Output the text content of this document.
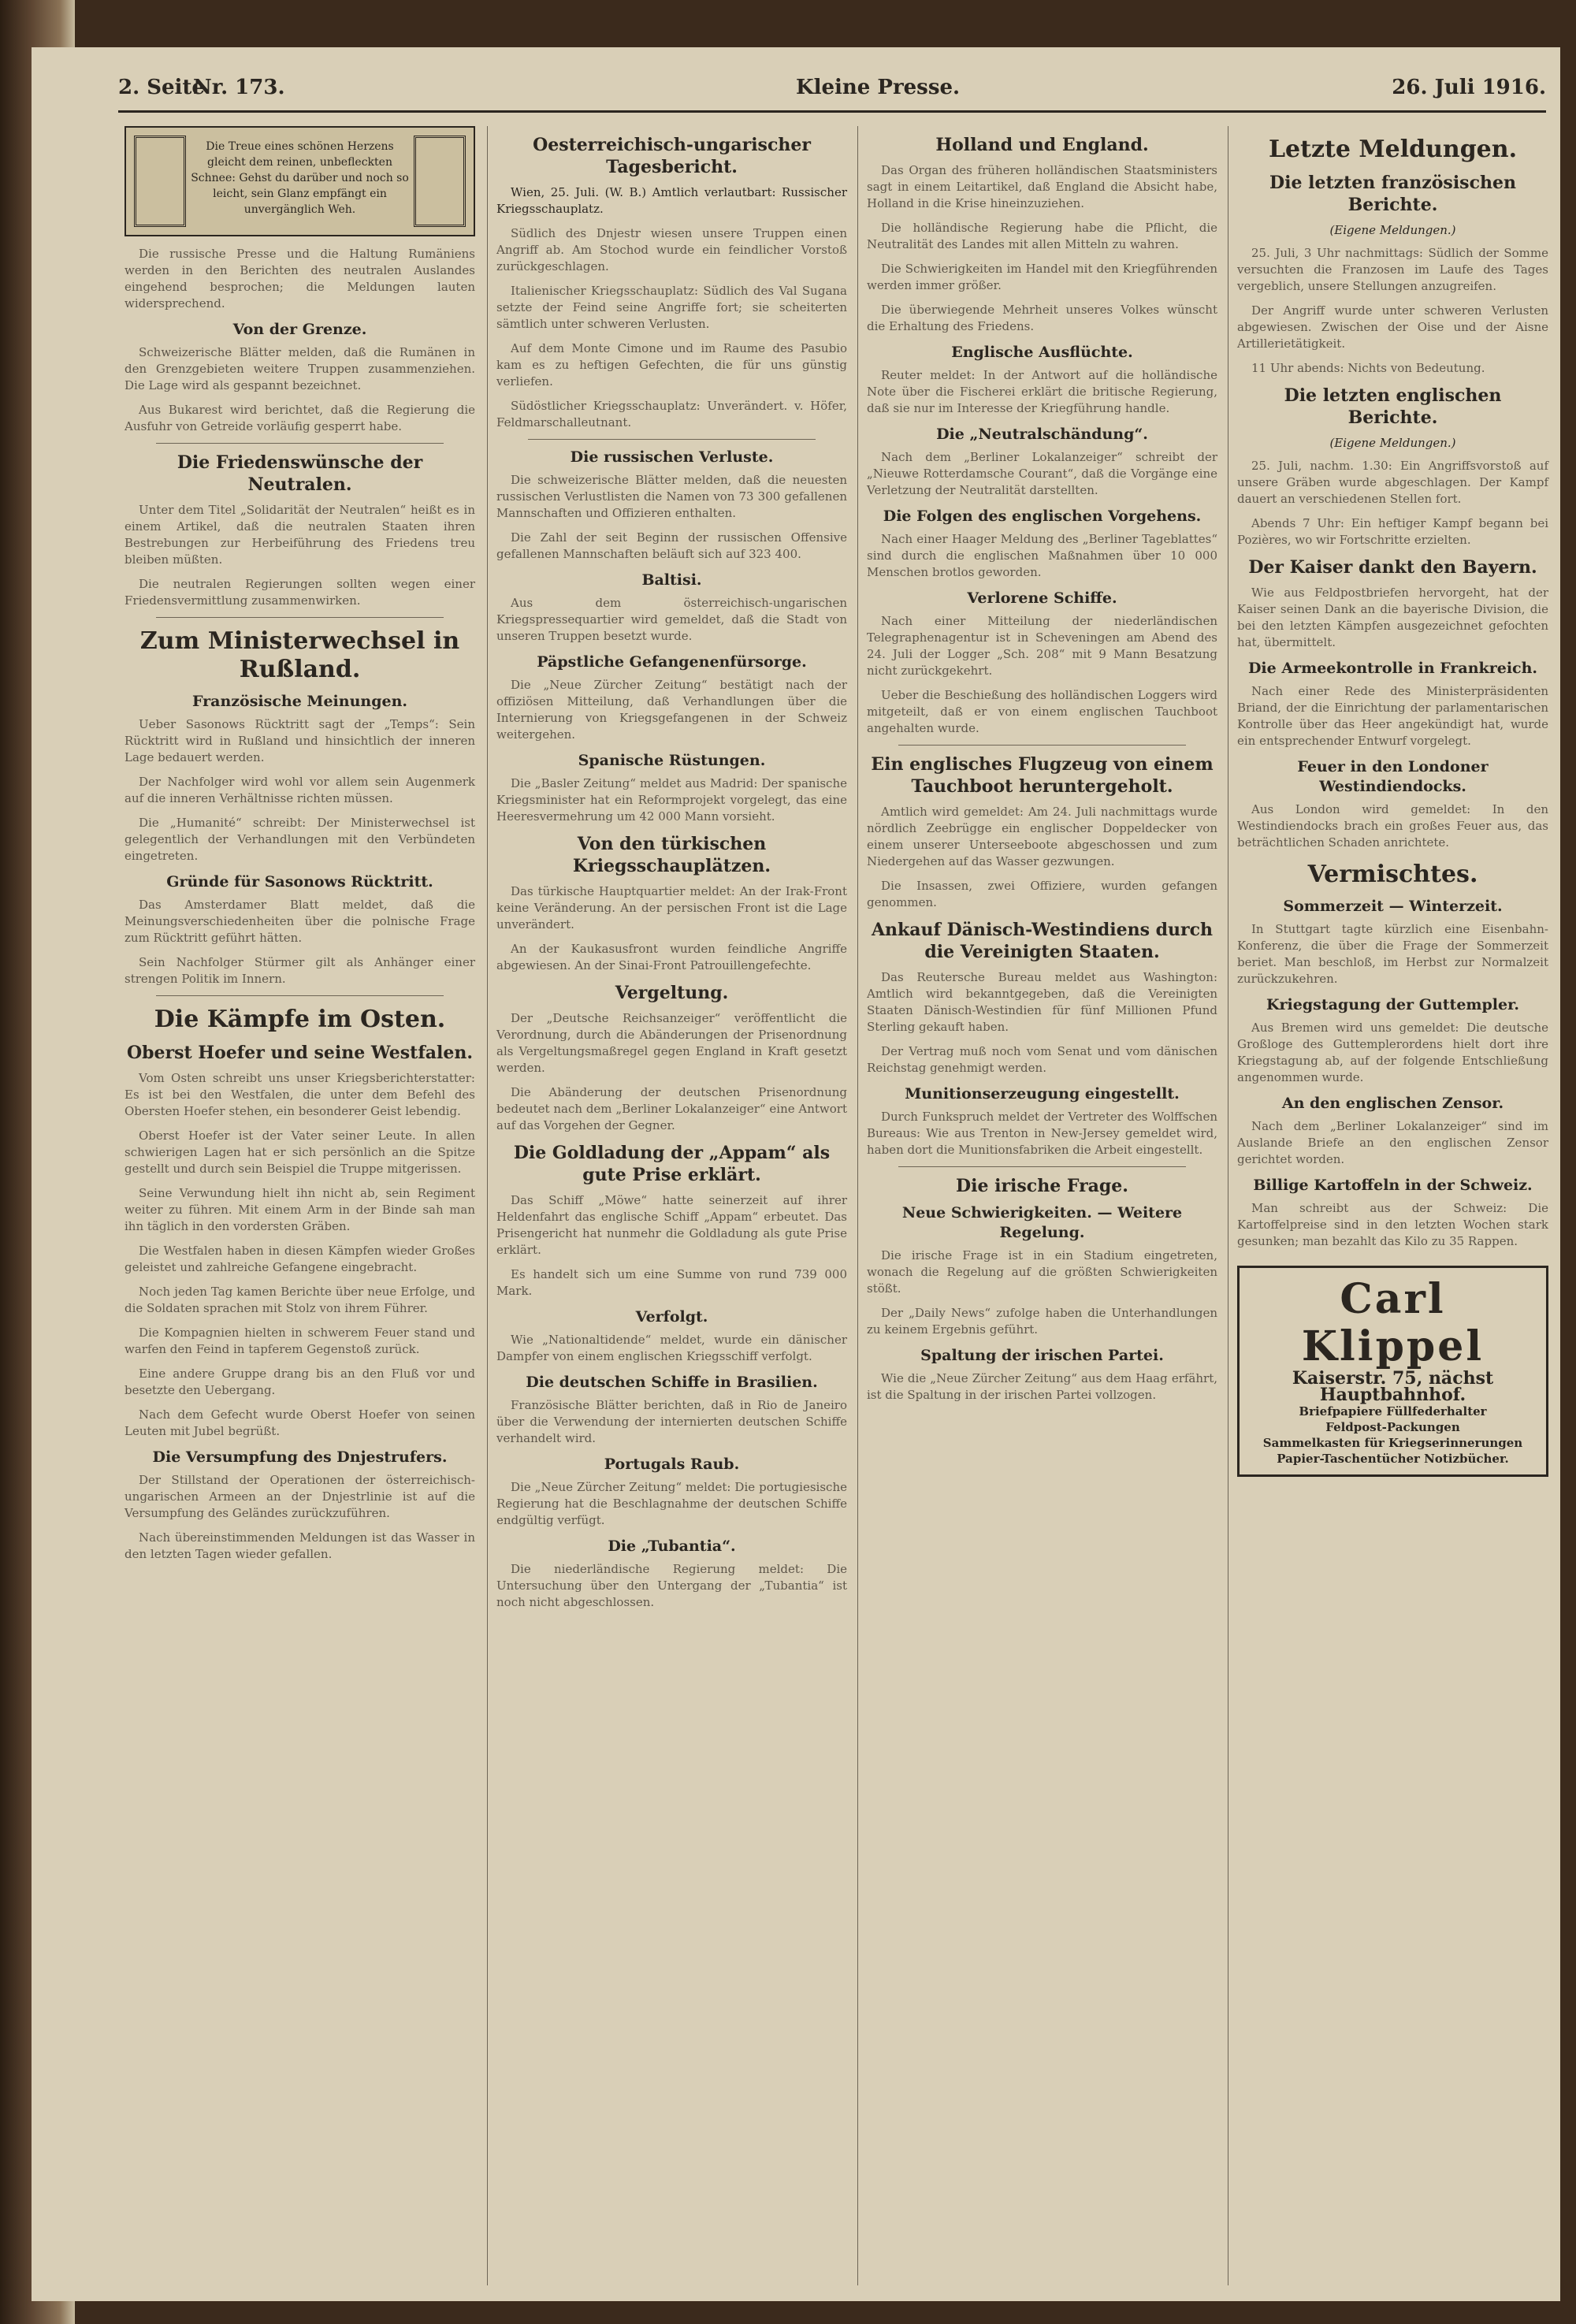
2. Seite
Nr. 173.	Kleine Presse.	26. Juli 1916.
Die Treue eines schönen Herzens gleicht dem reinen, unbefleckten Schnee: Gehst du darüber und noch so leicht, sein Glanz empfängt ein unvergänglich Weh.

Die russische Presse und die Haltung Rumäniens werden in den Berichten des neutralen Auslandes eingehend besprochen; die Meldungen lauten widersprechend.

Von der Grenze.

Schweizerische Blätter melden, daß die Rumänen in den Grenzgebieten weitere Truppen zusammenziehen. Die Lage wird als gespannt bezeichnet.

Aus Bukarest wird berichtet, daß die Regierung die Ausfuhr von Getreide vorläufig gesperrt habe.

Die Friedenswünsche der Neutralen.

Unter dem Titel „Solidarität der Neutralen“ heißt es in einem Artikel, daß die neutralen Staaten ihren Bestrebungen zur Herbeiführung des Friedens treu bleiben müßten.

Die neutralen Regierungen sollten wegen einer Friedensvermittlung zusammenwirken.

Zum Ministerwechsel in Rußland.
Französische Meinungen.

Ueber Sasonows Rücktritt sagt der „Temps“: Sein Rücktritt wird in Rußland und hinsichtlich der inneren Lage bedauert werden.

Der Nachfolger wird wohl vor allem sein Augenmerk auf die inneren Verhältnisse richten müssen.

Die „Humanité“ schreibt: Der Ministerwechsel ist gelegentlich der Verhandlungen mit den Verbündeten eingetreten.

Gründe für Sasonows Rücktritt.

Das Amsterdamer Blatt meldet, daß die Meinungsverschiedenheiten über die polnische Frage zum Rücktritt geführt hätten.

Sein Nachfolger Stürmer gilt als Anhänger einer strengen Politik im Innern.

Die Kämpfe im Osten.
Oberst Hoefer und seine Westfalen.

Vom Osten schreibt uns unser Kriegsberichterstatter: Es ist bei den Westfalen, die unter dem Befehl des Obersten Hoefer stehen, ein besonderer Geist lebendig.

Oberst Hoefer ist der Vater seiner Leute. In allen schwierigen Lagen hat er sich persönlich an die Spitze gestellt und durch sein Beispiel die Truppe mitgerissen.

Seine Verwundung hielt ihn nicht ab, sein Regiment weiter zu führen. Mit einem Arm in der Binde sah man ihn täglich in den vordersten Gräben.

Die Westfalen haben in diesen Kämpfen wieder Großes geleistet und zahlreiche Gefangene eingebracht.

Noch jeden Tag kamen Berichte über neue Erfolge, und die Soldaten sprachen mit Stolz von ihrem Führer.

Die Kompagnien hielten in schwerem Feuer stand und warfen den Feind in tapferem Gegenstoß zurück.

Eine andere Gruppe drang bis an den Fluß vor und besetzte den Uebergang.

Nach dem Gefecht wurde Oberst Hoefer von seinen Leuten mit Jubel begrüßt.

Die Versumpfung des Dnjestrufers.

Der Stillstand der Operationen der österreichisch-ungarischen Armeen an der Dnjestrlinie ist auf die Versumpfung des Geländes zurückzuführen.

Nach übereinstimmenden Meldungen ist das Wasser in den letzten Tagen wieder gefallen.

Oesterreichisch-ungarischer Tagesbericht.

Wien, 25. Juli. (W. B.) Amtlich verlautbart: Russischer Kriegsschauplatz.

Südlich des Dnjestr wiesen unsere Truppen einen Angriff ab. Am Stochod wurde ein feindlicher Vorstoß zurückgeschlagen.

Italienischer Kriegsschauplatz: Südlich des Val Sugana setzte der Feind seine Angriffe fort; sie scheiterten sämtlich unter schweren Verlusten.

Auf dem Monte Cimone und im Raume des Pasubio kam es zu heftigen Gefechten, die für uns günstig verliefen.

Südöstlicher Kriegsschauplatz: Unverändert. v. Höfer, Feldmarschalleutnant.

Die russischen Verluste.

Die schweizerische Blätter melden, daß die neuesten russischen Verlustlisten die Namen von 73 300 gefallenen Mannschaften und Offizieren enthalten.

Die Zahl der seit Beginn der russischen Offensive gefallenen Mannschaften beläuft sich auf 323 400.

Baltisi.

Aus dem österreichisch-ungarischen Kriegspressequartier wird gemeldet, daß die Stadt von unseren Truppen besetzt wurde.

Päpstliche Gefangenenfürsorge.

Die „Neue Zürcher Zeitung“ bestätigt nach der offiziösen Mitteilung, daß Verhandlungen über die Internierung von Kriegsgefangenen in der Schweiz weitergehen.

Spanische Rüstungen.

Die „Basler Zeitung“ meldet aus Madrid: Der spanische Kriegsminister hat ein Reformprojekt vorgelegt, das eine Heeresvermehrung um 42 000 Mann vorsieht.

Von den türkischen Kriegsschauplätzen.

Das türkische Hauptquartier meldet: An der Irak-Front keine Veränderung. An der persischen Front ist die Lage unverändert.

An der Kaukasusfront wurden feindliche Angriffe abgewiesen. An der Sinai-Front Patrouillengefechte.

Vergeltung.

Der „Deutsche Reichsanzeiger“ veröffentlicht die Verordnung, durch die Abänderungen der Prisenordnung als Vergeltungsmaßregel gegen England in Kraft gesetzt werden.

Die Abänderung der deutschen Prisenordnung bedeutet nach dem „Berliner Lokalanzeiger“ eine Antwort auf das Vorgehen der Gegner.

Die Goldladung der „Appam“ als gute Prise erklärt.

Das Schiff „Möwe“ hatte seinerzeit auf ihrer Heldenfahrt das englische Schiff „Appam“ erbeutet. Das Prisengericht hat nunmehr die Goldladung als gute Prise erklärt.

Es handelt sich um eine Summe von rund 739 000 Mark.

Verfolgt.

Wie „Nationaltidende“ meldet, wurde ein dänischer Dampfer von einem englischen Kriegsschiff verfolgt.

Die deutschen Schiffe in Brasilien.

Französische Blätter berichten, daß in Rio de Janeiro über die Verwendung der internierten deutschen Schiffe verhandelt wird.

Portugals Raub.

Die „Neue Zürcher Zeitung“ meldet: Die portugiesische Regierung hat die Beschlagnahme der deutschen Schiffe endgültig verfügt.

Die „Tubantia“.

Die niederländische Regierung meldet: Die Untersuchung über den Untergang der „Tubantia“ ist noch nicht abgeschlossen.

Holland und England.

Das Organ des früheren holländischen Staatsministers sagt in einem Leitartikel, daß England die Absicht habe, Holland in die Krise hineinzuziehen.

Die holländische Regierung habe die Pflicht, die Neutralität des Landes mit allen Mitteln zu wahren.

Die Schwierigkeiten im Handel mit den Kriegführenden werden immer größer.

Die überwiegende Mehrheit unseres Volkes wünscht die Erhaltung des Friedens.

Englische Ausflüchte.

Reuter meldet: In der Antwort auf die holländische Note über die Fischerei erklärt die britische Regierung, daß sie nur im Interesse der Kriegführung handle.

Die „Neutralschändung“.

Nach dem „Berliner Lokalanzeiger“ schreibt der „Nieuwe Rotterdamsche Courant“, daß die Vorgänge eine Verletzung der Neutralität darstellten.

Die Folgen des englischen Vorgehens.

Nach einer Haager Meldung des „Berliner Tageblattes“ sind durch die englischen Maßnahmen über 10 000 Menschen brotlos geworden.

Verlorene Schiffe.

Nach einer Mitteilung der niederländischen Telegraphenagentur ist in Scheveningen am Abend des 24. Juli der Logger „Sch. 208“ mit 9 Mann Besatzung nicht zurückgekehrt.

Ueber die Beschießung des holländischen Loggers wird mitgeteilt, daß er von einem englischen Tauchboot angehalten wurde.

Ein englisches Flugzeug von einem Tauchboot heruntergeholt.

Amtlich wird gemeldet: Am 24. Juli nachmittags wurde nördlich Zeebrügge ein englischer Doppeldecker von einem unserer Unterseeboote abgeschossen und zum Niedergehen auf das Wasser gezwungen.

Die Insassen, zwei Offiziere, wurden gefangen genommen.

Ankauf Dänisch-Westindiens durch die Vereinigten Staaten.

Das Reutersche Bureau meldet aus Washington: Amtlich wird bekanntgegeben, daß die Vereinigten Staaten Dänisch-Westindien für fünf Millionen Pfund Sterling gekauft haben.

Der Vertrag muß noch vom Senat und vom dänischen Reichstag genehmigt werden.

Munitionserzeugung eingestellt.

Durch Funkspruch meldet der Vertreter des Wolffschen Bureaus: Wie aus Trenton in New-Jersey gemeldet wird, haben dort die Munitionsfabriken die Arbeit eingestellt.

Die irische Frage.
Neue Schwierigkeiten. — Weitere Regelung.

Die irische Frage ist in ein Stadium eingetreten, wonach die Regelung auf die größten Schwierigkeiten stößt.

Der „Daily News“ zufolge haben die Unterhandlungen zu keinem Ergebnis geführt.

Spaltung der irischen Partei.

Wie die „Neue Zürcher Zeitung“ aus dem Haag erfährt, ist die Spaltung in der irischen Partei vollzogen.

Letzte Meldungen.
Die letzten französischen Berichte.
(Eigene Meldungen.)

25. Juli, 3 Uhr nachmittags: Südlich der Somme versuchten die Franzosen im Laufe des Tages vergeblich, unsere Stellungen anzugreifen.

Der Angriff wurde unter schweren Verlusten abgewiesen. Zwischen der Oise und der Aisne Artillerietätigkeit.

11 Uhr abends: Nichts von Bedeutung.

Die letzten englischen Berichte.
(Eigene Meldungen.)

25. Juli, nachm. 1.30: Ein Angriffsvorstoß auf unsere Gräben wurde abgeschlagen. Der Kampf dauert an verschiedenen Stellen fort.

Abends 7 Uhr: Ein heftiger Kampf begann bei Pozières, wo wir Fortschritte erzielten.

Der Kaiser dankt den Bayern.

Wie aus Feldpostbriefen hervorgeht, hat der Kaiser seinen Dank an die bayerische Division, die bei den letzten Kämpfen ausgezeichnet gefochten hat, übermittelt.

Die Armeekontrolle in Frankreich.

Nach einer Rede des Ministerpräsidenten Briand, der die Einrichtung der parlamentarischen Kontrolle über das Heer angekündigt hat, wurde ein entsprechender Entwurf vorgelegt.

Feuer in den Londoner Westindiendocks.

Aus London wird gemeldet: In den Westindiendocks brach ein großes Feuer aus, das beträchtlichen Schaden anrichtete.

Vermischtes.
Sommerzeit — Winterzeit.

In Stuttgart tagte kürzlich eine Eisenbahn-Konferenz, die über die Frage der Sommerzeit beriet. Man beschloß, im Herbst zur Normalzeit zurückzukehren.

Kriegstagung der Guttempler.

Aus Bremen wird uns gemeldet: Die deutsche Großloge des Guttemplerordens hielt dort ihre Kriegstagung ab, auf der folgende Entschließung angenommen wurde.

An den englischen Zensor.

Nach dem „Berliner Lokalanzeiger“ sind im Auslande Briefe an den englischen Zensor gerichtet worden.

Billige Kartoffeln in der Schweiz.

Man schreibt aus der Schweiz: Die Kartoffelpreise sind in den letzten Wochen stark gesunken; man bezahlt das Kilo zu 35 Rappen.

Carl Klippel
Kaiserstr. 75, nächst Hauptbahnhof.
Briefpapiere Füllfederhalter
Feldpost-Packungen
Sammelkasten für Kriegserinnerungen
Papier-Taschentücher Notizbücher.
